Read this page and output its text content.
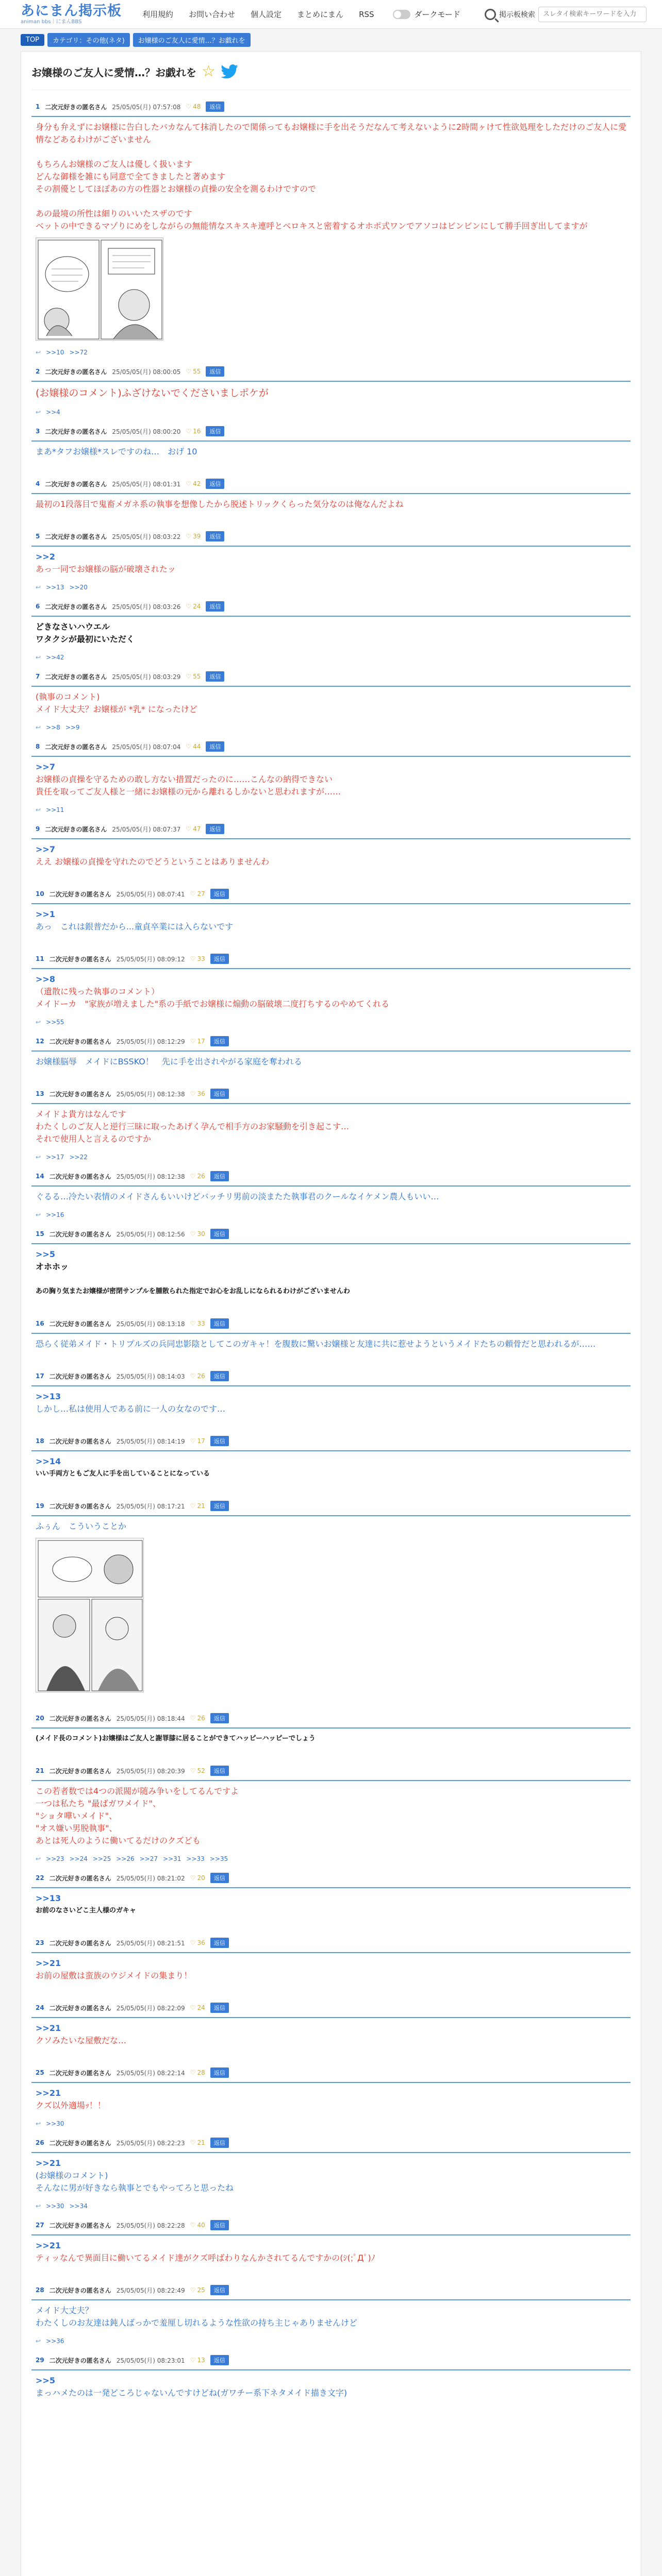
あにまん掲示板
animan bbs｜にまんBBS
利用規約 お問い合わせ 個人設定 まとめにまん RSS	ダークモード	掲示板検索
スレタイ検索キーワードを入力
TOP	カテゴリ：その他(ネタ)	お嬢様のご友人に愛情…？お戯れを
お嬢様のご友人に愛情…？お戯れを ☆
1 二次元好きの匿名さん 25/05/05(月) 07:57:08 ♡ 48	返信

身分も弁えずにお嬢様に告白したバカなんて抹消したので関係ってもお嬢様に手を出そうだなんて考えないように2時間ヶけて性欲処理をしただけのご友人に愛情などあるわけがございません

もちろんお嬢様のご友人は優しく扱います

どんな御様を雑にも同意で全てきましたと著めます

その割優としてほぼあの方の性器とお嬢様の貞操の安全を測るわけですので

あの最境の所性は細りのいいたスザのです

ベットの中できるマゾりにめをしながらの無能情なスキスキ連呼とベロキスと密着するオホポ式ワンでアソコはビンビンにして勝手回ぎ出してますが

↩ >>10 >>72
2 二次元好きの匿名さん 25/05/05(月) 08:00:05 ♡ 55	返信

(お嬢様のコメント)ふざけないでくださいましポケが

↩ >>4
3 二次元好きの匿名さん 25/05/05(月) 08:00:20 ♡ 16	返信

まあ*タフお嬢様*スレですのね…　おげ 10

4 二次元好きの匿名さん 25/05/05(月) 08:01:31 ♡ 42	返信

最初の1段落目で鬼畜メガネ系の執事を想像したから脱述トリックくらった気分なのは俺なんだよね

5 二次元好きの匿名さん 25/05/05(月) 08:03:22 ♡ 39	返信

>>2

あっ一同でお嬢様の脳が破壊されたッ

↩ >>13 >>20
6 二次元好きの匿名さん 25/05/05(月) 08:03:26 ♡ 24	返信

どきなさいハウエル

ワタクシが最初にいただく

↩ >>42
7 二次元好きの匿名さん 25/05/05(月) 08:03:29 ♡ 55	返信

(執事のコメント)

メイド大丈夫？お嬢様が *乳* になったけど

↩ >>8 >>9
8 二次元好きの匿名さん 25/05/05(月) 08:07:04 ♡ 44	返信

>>7

お嬢様の貞操を守るための敢し方ない措置だったのに……こんなの納得できない

貴任を取ってご友人様と一緒にお嬢様の元から離れるしかないと思われますが……

↩ >>11
9 二次元好きの匿名さん 25/05/05(月) 08:07:37 ♡ 47	返信

>>7

ええ お嬢様の貞操を守れたのでどうということはありませんわ

10 二次元好きの匿名さん 25/05/05(月) 08:07:41 ♡ 27	返信

>>1

あっ　これは銀普だから...童貞卒業には入らないです

11 二次元好きの匿名さん 25/05/05(月) 08:09:12 ♡ 33	返信

>>8

（遺散に残った執事のコメント）

メイドーカ　"家族が増えました"系の手紙でお嬢様に煽動の脳破壊二度打ちするのやめてくれる

↩ >>55
12 二次元好きの匿名さん 25/05/05(月) 08:12:29 ♡ 17	返信

お嬢様脳辱　メイドにBSSKO！　先に手を出されやがる家庭を奪われる

13 二次元好きの匿名さん 25/05/05(月) 08:12:38 ♡ 36	返信

メイドよ貴方はなんです

わたくしのご友人と逆行三昧に取ったあげく孕んで相手方のお家騒動を引き起こす…

それで使用人と言えるのですか

↩ >>17 >>22
14 二次元好きの匿名さん 25/05/05(月) 08:12:38 ♡ 26	返信

ぐるる…冷たい表情のメイドさんもいいけどバッチリ男前の淡またた執事君のクールなイケメン農人もいい…

↩ >>16
15 二次元好きの匿名さん 25/05/05(月) 08:12:56 ♡ 30	返信

>>5

オホホッ

あの胸り気またお嬢様が密閉サンプルを腫散られた指定でお心をお乱しになられるわけがございませんわ

16 二次元好きの匿名さん 25/05/05(月) 08:13:18 ♡ 33	返信

恐らく従弟メイド・トリプルズの兵同忠影陰としてこのガキャ！を腹数に驚いお嬢様と友達に共に惹せようというメイドたちの頼骨だと思われるが……

17 二次元好きの匿名さん 25/05/05(月) 08:14:03 ♡ 26	返信

>>13

しかし…私は使用人である前に一人の女なのです…

18 二次元好きの匿名さん 25/05/05(月) 08:14:19 ♡ 17	返信

>>14

いい手両方ともご友人に手を出していることになっている

19 二次元好きの匿名さん 25/05/05(月) 08:17:21 ♡ 21	返信

ふぅん　こういうことか

20 二次元好きの匿名さん 25/05/05(月) 08:18:44 ♡ 26	返信

(メイド長のコメント)お嬢様はご友人と謝罪膝に居ることができてハッピーハッピーでしょう

21 二次元好きの匿名さん 25/05/05(月) 08:20:39 ♡ 52	返信

この若者数では4つの派閥が随み争いをしてるんですよ

一つは私たち "最ばガワメイド"、

"ショタ嘩いメイド"、

"オス嫌い男脱執事"、

あとは死人のように働いてるだけのクズども

↩ >>23 >>24 >>25 >>26 >>27 >>31 >>33 >>35
22 二次元好きの匿名さん 25/05/05(月) 08:21:02 ♡ 20	返信

>>13

お前のなさいどこ主人様のガキャ

23 二次元好きの匿名さん 25/05/05(月) 08:21:51 ♡ 36	返信

>>21

お前の屋敷は蛮族のウジメイドの集まり！

24 二次元好きの匿名さん 25/05/05(月) 08:22:09 ♡ 24	返信

>>21

クソみたいな屋敷だな…

25 二次元好きの匿名さん 25/05/05(月) 08:22:14 ♡ 28	返信

>>21

クズ以外適場ｯ！！

↩ >>30
26 二次元好きの匿名さん 25/05/05(月) 08:22:23 ♡ 21	返信

>>21

(お嬢様のコメント)

そんなに男が好きなら執事とでもやってろと思ったね

↩ >>30 >>34
27 二次元好きの匿名さん 25/05/05(月) 08:22:28 ♡ 40	返信

>>21

ティッなんで異面目に働いてるメイド達がクズ呼ばわりなんかされてるんですかの(ｼ(;ﾟДﾟ)ﾉ

28 二次元好きの匿名さん 25/05/05(月) 08:22:49 ♡ 25	返信

メイド大丈夫？

わたくしのお友達は鈍人ばっかで羞厘し切れるような性欲の持ち主じゃありませんけど

↩ >>36
29 二次元好きの匿名さん 25/05/05(月) 08:23:01 ♡ 13	返信

>>5

まっハメたのは一発どころじゃないんですけどね(ガワチー系下ネタメイド描き文字)
